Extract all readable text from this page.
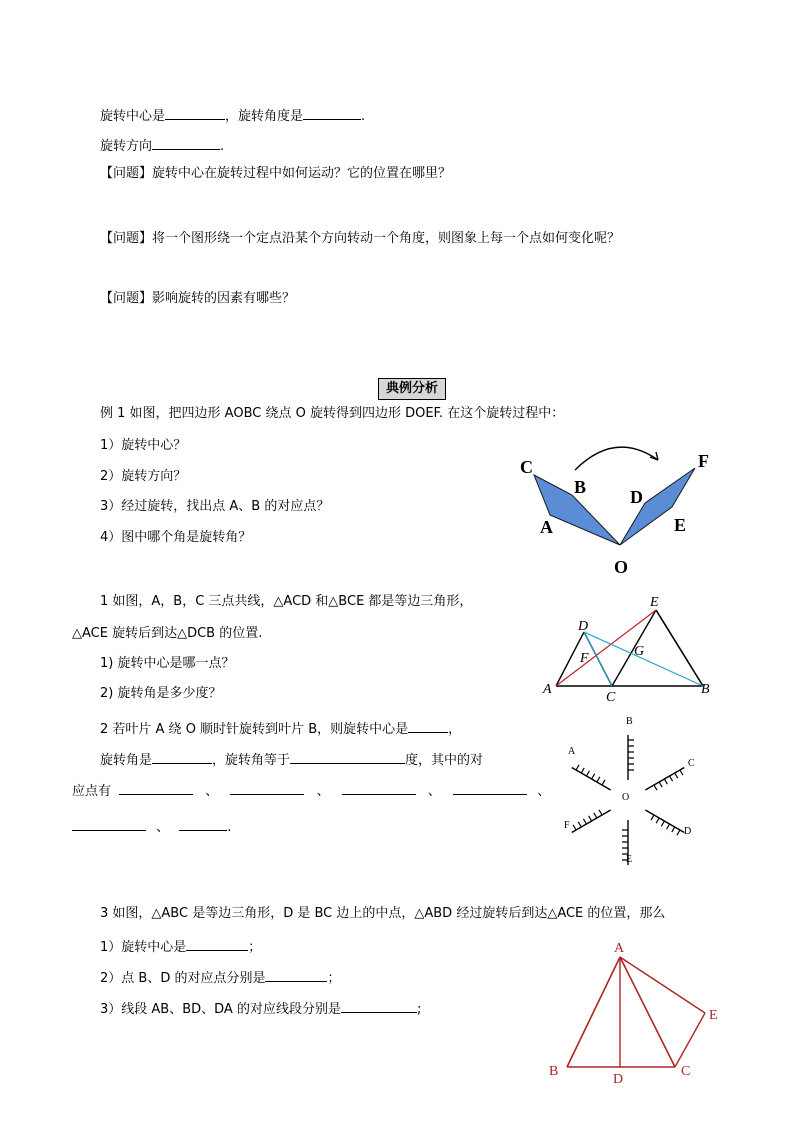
旋转中心是	，旋转角度是	.
旋转方向	.
【问题】旋转中心在旋转过程中如何运动？它的位置在哪里？
【问题】将一个图形绕一个定点沿某个方向转动一个角度，则图象上每一个点如何变化呢？
【问题】影响旋转的因素有哪些？
典例分析
例 1 如图，把四边形 AOBC 绕点 O 旋转得到四边形 DOEF. 在这个旋转过程中：
1）旋转中心？
2）旋转方向？
3）经过旋转，找出点 A、B 的对应点？
4）图中哪个角是旋转角？
C
B
A
D
E
F
O
1 如图，A，B，C 三点共线，△ACD 和△BCE 都是等边三角形，
△ACE 旋转后到达△DCB 的位置.
1) 旋转中心是哪一点？
2) 旋转角是多少度？
E
D
G
F
A
C
B
2 若叶片 A 绕 O 顺时针旋转到叶片 B，则旋转中心是	，
旋转角是	，旋转角等于	度，其中的对
应点有	、	、	、	、
、	.
B
A
C
O
F
D
E
3 如图，△ABC 是等边三角形，D 是 BC 边上的中点，△ABD 经过旋转后到达△ACE 的位置，那么
1）旋转中心是	；
2）点 B、D 的对应点分别是	；
3）线段 AB、BD、DA 的对应线段分别是	;
A
E
B
D
C
